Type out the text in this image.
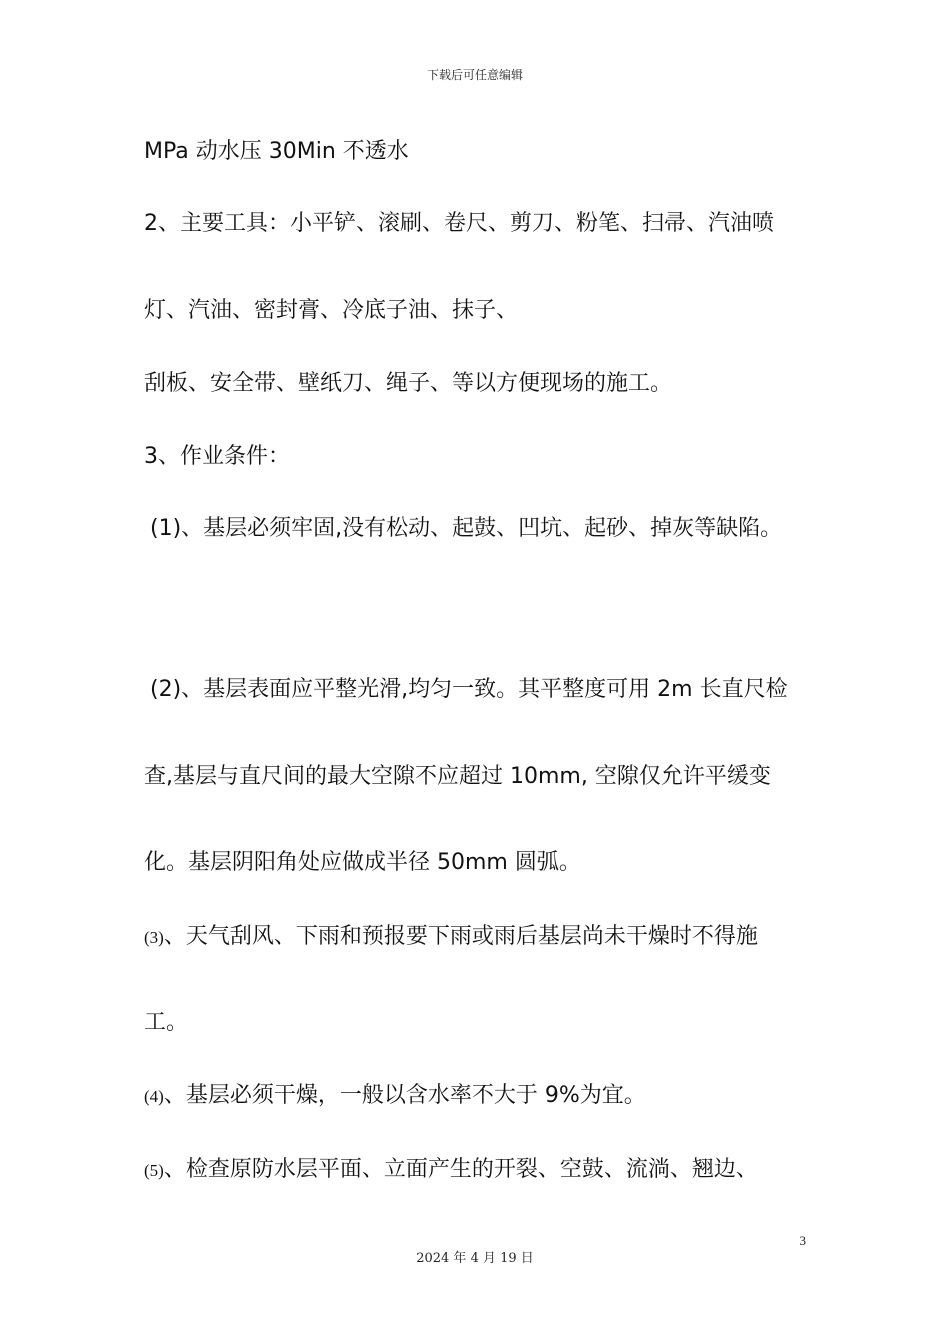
下载后可任意编辑
MPa 动水压 30Min 不透水
2、主要工具：小平铲、滚刷、卷尺、剪刀、粉笔、扫帚、汽油喷
灯、汽油、密封膏、冷底子油、抹子、
刮板、安全带、壁纸刀、绳子、等以方便现场的施工。
3、作业条件：
(1)、基层必须牢固,没有松动、起鼓、凹坑、起砂、掉灰等缺陷。
(2)、基层表面应平整光滑,均匀一致。其平整度可用 2m 长直尺检
查,基层与直尺间的最大空隙不应超过 10mm, 空隙仅允许平缓变
化。基层阴阳角处应做成半径 50mm 圆弧。
(3)、天气刮风、下雨和预报要下雨或雨后基层尚未干燥时不得施
工。
(4)、基层必须干燥，一般以含水率不大于 9%为宜。
(5)、检查原防水层平面、立面产生的开裂、空鼓、流淌、翘边、
3
2024 年 4 月 19 日
